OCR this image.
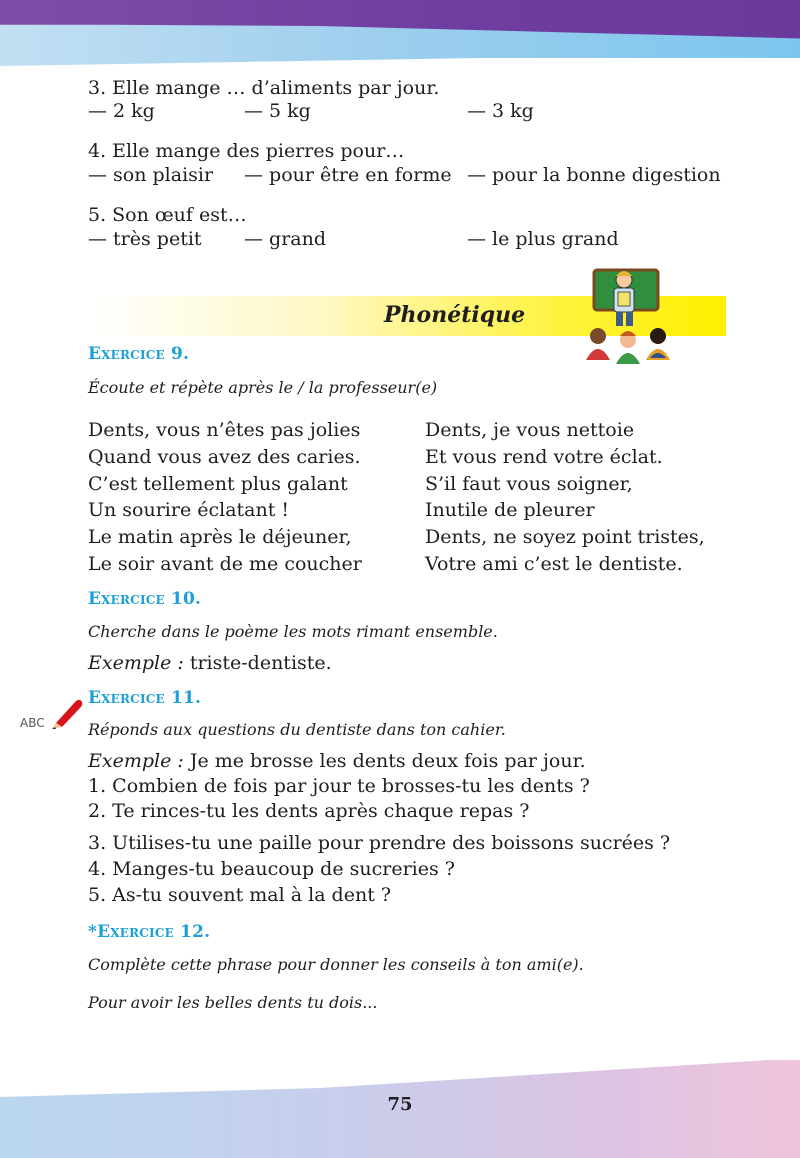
3. Elle mange … d’aliments par jour.
— 2 kg	— 5 kg	— 3 kg
4. Elle mange des pierres pour…
— son plaisir — pour être en forme — pour la bonne digestion
5. Son œuf est…
— très petit — grand	— le plus grand
Phonétique
Exercice 9.
Écoute et répète après le / la professeur(e)
Dents, vous n’êtes pas jolies
Quand vous avez des caries.
C’est tellement plus galant
Un sourire éclatant !
Le matin après le déjeuner,
Le soir avant de me coucher
Dents, je vous nettoie
Et vous rend votre éclat.
S’il faut vous soigner,
Inutile de pleurer
Dents, ne soyez point tristes,
Votre ami c’est le dentiste.
Exercice 10.
Cherche dans le poème les mots rimant ensemble.
Exemple : triste-dentiste.
ABC
Exercice 11.
Réponds aux questions du dentiste dans ton cahier.
Exemple : Je me brosse les dents deux fois par jour.
1. Combien de fois par jour te brosses-tu les dents ?
2. Te rinces-tu les dents après chaque repas ?
3. Utilises-tu une paille pour prendre des boissons sucrées ?
4. Manges-tu beaucoup de sucreries ?
5. As-tu souvent mal à la dent ?
*Exercice 12.
Complète cette phrase pour donner les conseils à ton ami(e).
Pour avoir les belles dents tu dois...
75
